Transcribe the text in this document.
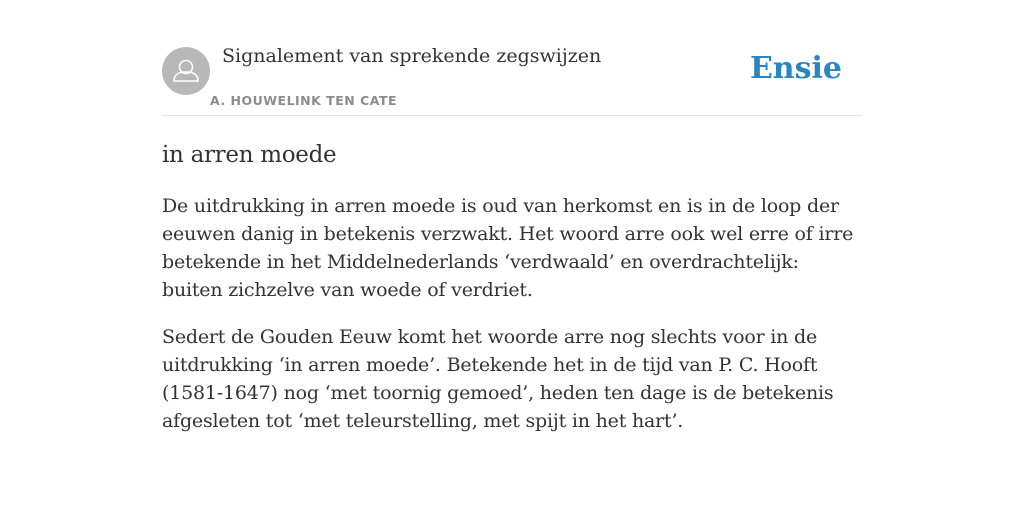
Signalement van sprekende zegswijzen
A. HOUWELINK TEN CATE
Ensie
in arren moede

De uitdrukking in arren moede is oud van herkomst en is in de loop der eeuwen danig in betekenis verzwakt. Het woord arre ook wel erre of irre betekende in het Middelnederlands ‘verdwaald’ en overdrachtelijk: buiten zichzelve van woede of verdriet.

Sedert de Gouden Eeuw komt het woorde arre nog slechts voor in de uitdrukking ‘in arren moede’. Betekende het in de tijd van P. C. Hooft (1581-1647) nog ‘met toornig gemoed’, heden ten dage is de betekenis afgesleten tot ‘met teleurstelling, met spijt in het hart’.
